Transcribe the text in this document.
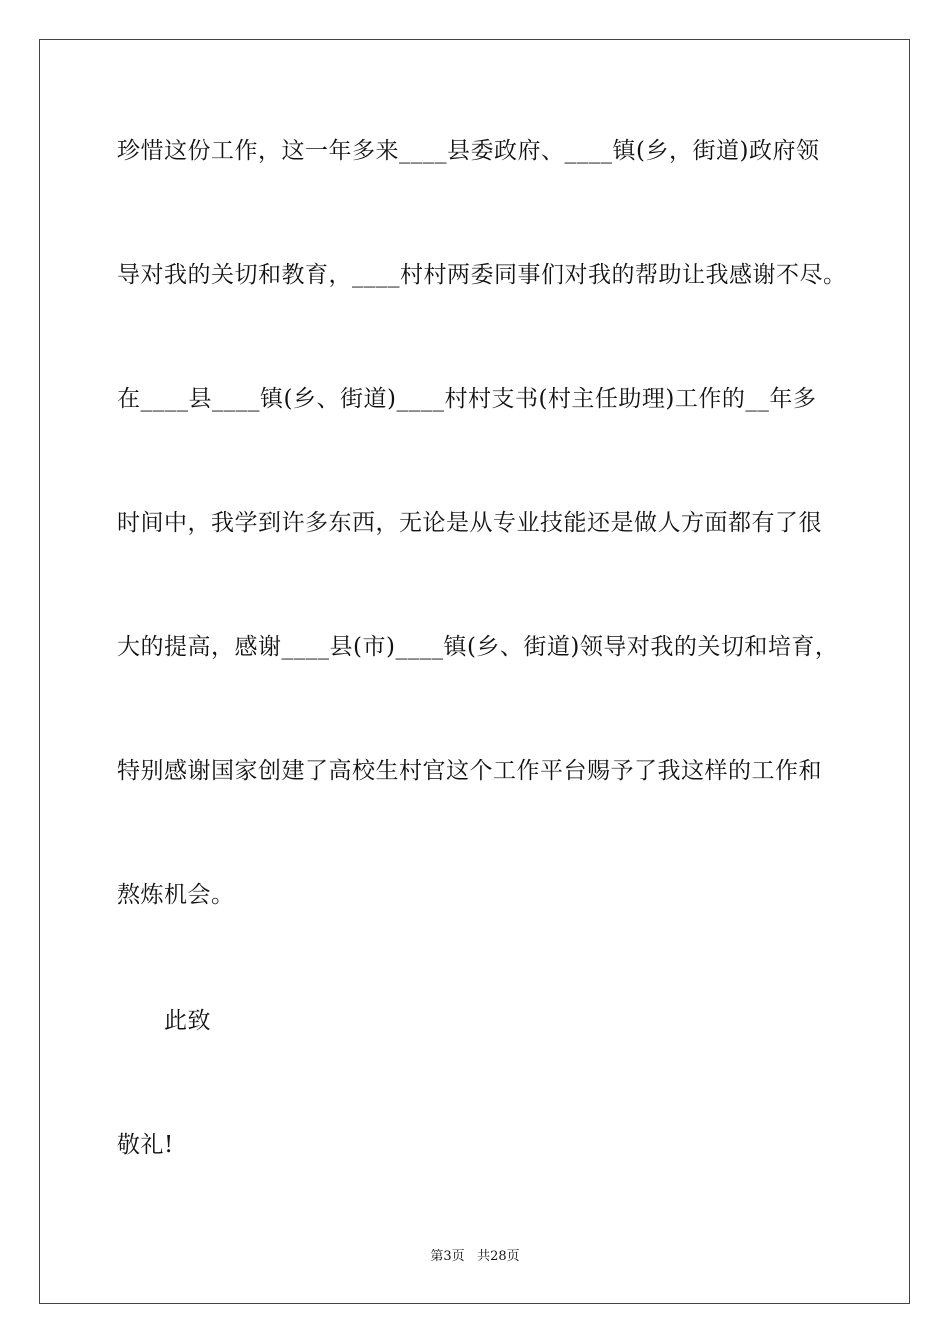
珍惜这份工作，这一年多来____县委政府、____镇(乡，街道)政府领
导对我的关切和教育，____村村两委同事们对我的帮助让我感谢不尽。
在____县____镇(乡、街道)____村村支书(村主任助理)工作的__年多
时间中，我学到许多东西，无论是从专业技能还是做人方面都有了很
大的提高，感谢____县(市)____镇(乡、街道)领导对我的关切和培育，
特别感谢国家创建了高校生村官这个工作平台赐予了我这样的工作和
熬炼机会。
此致
敬礼!
第3页 共28页
